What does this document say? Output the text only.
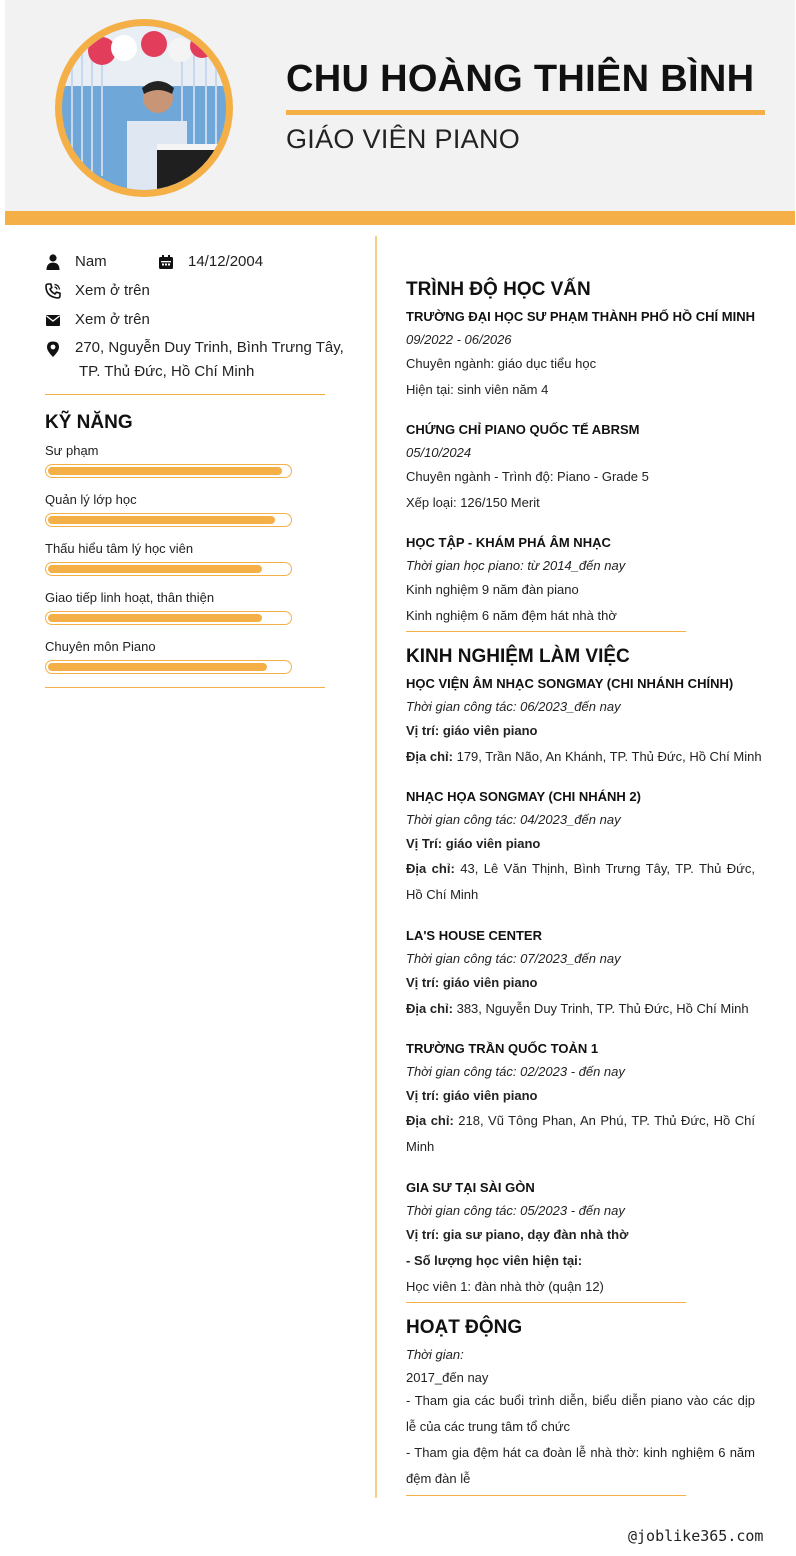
CHU HOÀNG THIÊN BÌNH
GIÁO VIÊN PIANO
Nam	14/12/2004
Xem ở trên
Xem ở trên
270, Nguyễn Duy Trinh, Bình Trưng Tây,
TP. Thủ Đức, Hồ Chí Minh
KỸ NĂNG
Sư phạm
Quản lý lớp học
Thấu hiểu tâm lý học viên
Giao tiếp linh hoạt, thân thiện
Chuyên môn Piano
TRÌNH ĐỘ HỌC VẤN
TRƯỜNG ĐẠI HỌC SƯ PHẠM THÀNH PHỐ HỒ CHÍ MINH
09/2022 - 06/2026
Chuyên ngành: giáo dục tiểu học
Hiện tại: sinh viên năm 4
CHỨNG CHỈ PIANO QUỐC TẾ ABRSM
05/10/2024
Chuyên ngành - Trình độ: Piano - Grade 5
Xếp loại: 126/150 Merit
HỌC TẬP - KHÁM PHÁ ÂM NHẠC
Thời gian học piano: từ 2014_đến nay
Kinh nghiệm 9 năm đàn piano
Kinh nghiệm 6 năm đệm hát nhà thờ
KINH NGHIỆM LÀM VIỆC
HỌC VIỆN ÂM NHẠC SONGMAY (CHI NHÁNH CHÍNH)
Thời gian công tác: 06/2023_đến nay
Vị trí: giáo viên piano
Địa chỉ: 179, Trần Não, An Khánh, TP. Thủ Đức, Hồ Chí Minh
NHẠC HỌA SONGMAY (CHI NHÁNH 2)
Thời gian công tác: 04/2023_đến nay
Vị Trí: giáo viên piano
Địa chỉ: 43, Lê Văn Thịnh, Bình Trưng Tây, TP. Thủ Đức, Hồ Chí Minh
LA'S HOUSE CENTER
Thời gian công tác: 07/2023_đến nay
Vị trí: giáo viên piano
Địa chỉ: 383, Nguyễn Duy Trinh, TP. Thủ Đức, Hồ Chí Minh
TRƯỜNG TRẦN QUỐC TOẢN 1
Thời gian công tác: 02/2023 - đến nay
Vị trí: giáo viên piano
Địa chỉ: 218, Vũ Tông Phan, An Phú, TP. Thủ Đức, Hồ Chí Minh
GIA SƯ TẠI SÀI GÒN
Thời gian công tác: 05/2023 - đến nay
Vị trí: gia sư piano, dạy đàn nhà thờ
- Số lượng học viên hiện tại:
Học viên 1: đàn nhà thờ (quận 12)
HOẠT ĐỘNG
Thời gian:
2017_đến nay
- Tham gia các buổi trình diễn, biểu diễn piano vào các dịp lễ của các trung tâm tổ chức
- Tham gia đệm hát ca đoàn lễ nhà thờ: kinh nghiệm 6 năm đệm đàn lễ
@joblike365.com
